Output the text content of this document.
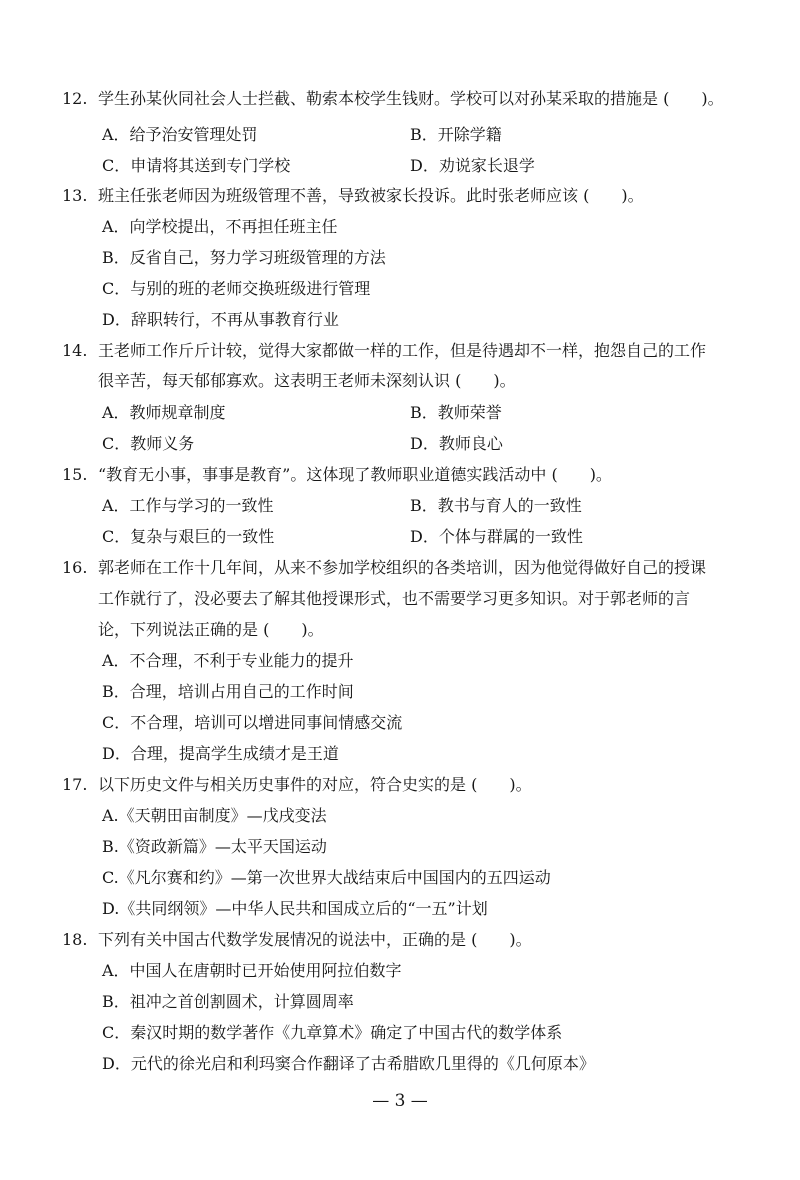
12. 学生孙某伙同社会人士拦截、勒索本校学生钱财。学校可以对孙某采取的措施是 (　　)。
A．给予治安管理处罚	B．开除学籍
C．申请将其送到专门学校	D．劝说家长退学
13. 班主任张老师因为班级管理不善，导致被家长投诉。此时张老师应该 (　　)。
A．向学校提出，不再担任班主任
B．反省自己，努力学习班级管理的方法
C．与别的班的老师交换班级进行管理
D．辞职转行，不再从事教育行业
14. 王老师工作斤斤计较，觉得大家都做一样的工作，但是待遇却不一样，抱怨自己的工作
很辛苦，每天郁郁寡欢。这表明王老师未深刻认识 (　　)。
A．教师规章制度	B．教师荣誉
C．教师义务	D．教师良心
15. “教育无小事，事事是教育”。这体现了教师职业道德实践活动中 (　　)。
A．工作与学习的一致性	B．教书与育人的一致性
C．复杂与艰巨的一致性	D．个体与群属的一致性
16. 郭老师在工作十几年间，从来不参加学校组织的各类培训，因为他觉得做好自己的授课
工作就行了，没必要去了解其他授课形式，也不需要学习更多知识。对于郭老师的言
论，下列说法正确的是 (　　)。
A．不合理，不利于专业能力的提升
B．合理，培训占用自己的工作时间
C．不合理，培训可以增进同事间情感交流
D．合理，提高学生成绩才是王道
17. 以下历史文件与相关历史事件的对应，符合史实的是 (　　)。
A.《天朝田亩制度》—戊戌变法
B.《资政新篇》—太平天国运动
C.《凡尔赛和约》—第一次世界大战结束后中国国内的五四运动
D.《共同纲领》—中华人民共和国成立后的“一五”计划
18. 下列有关中国古代数学发展情况的说法中，正确的是 (　　)。
A．中国人在唐朝时已开始使用阿拉伯数字
B．祖冲之首创割圆术，计算圆周率
C．秦汉时期的数学著作《九章算术》确定了中国古代的数学体系
D．元代的徐光启和利玛窦合作翻译了古希腊欧几里得的《几何原本》
— 3 —
